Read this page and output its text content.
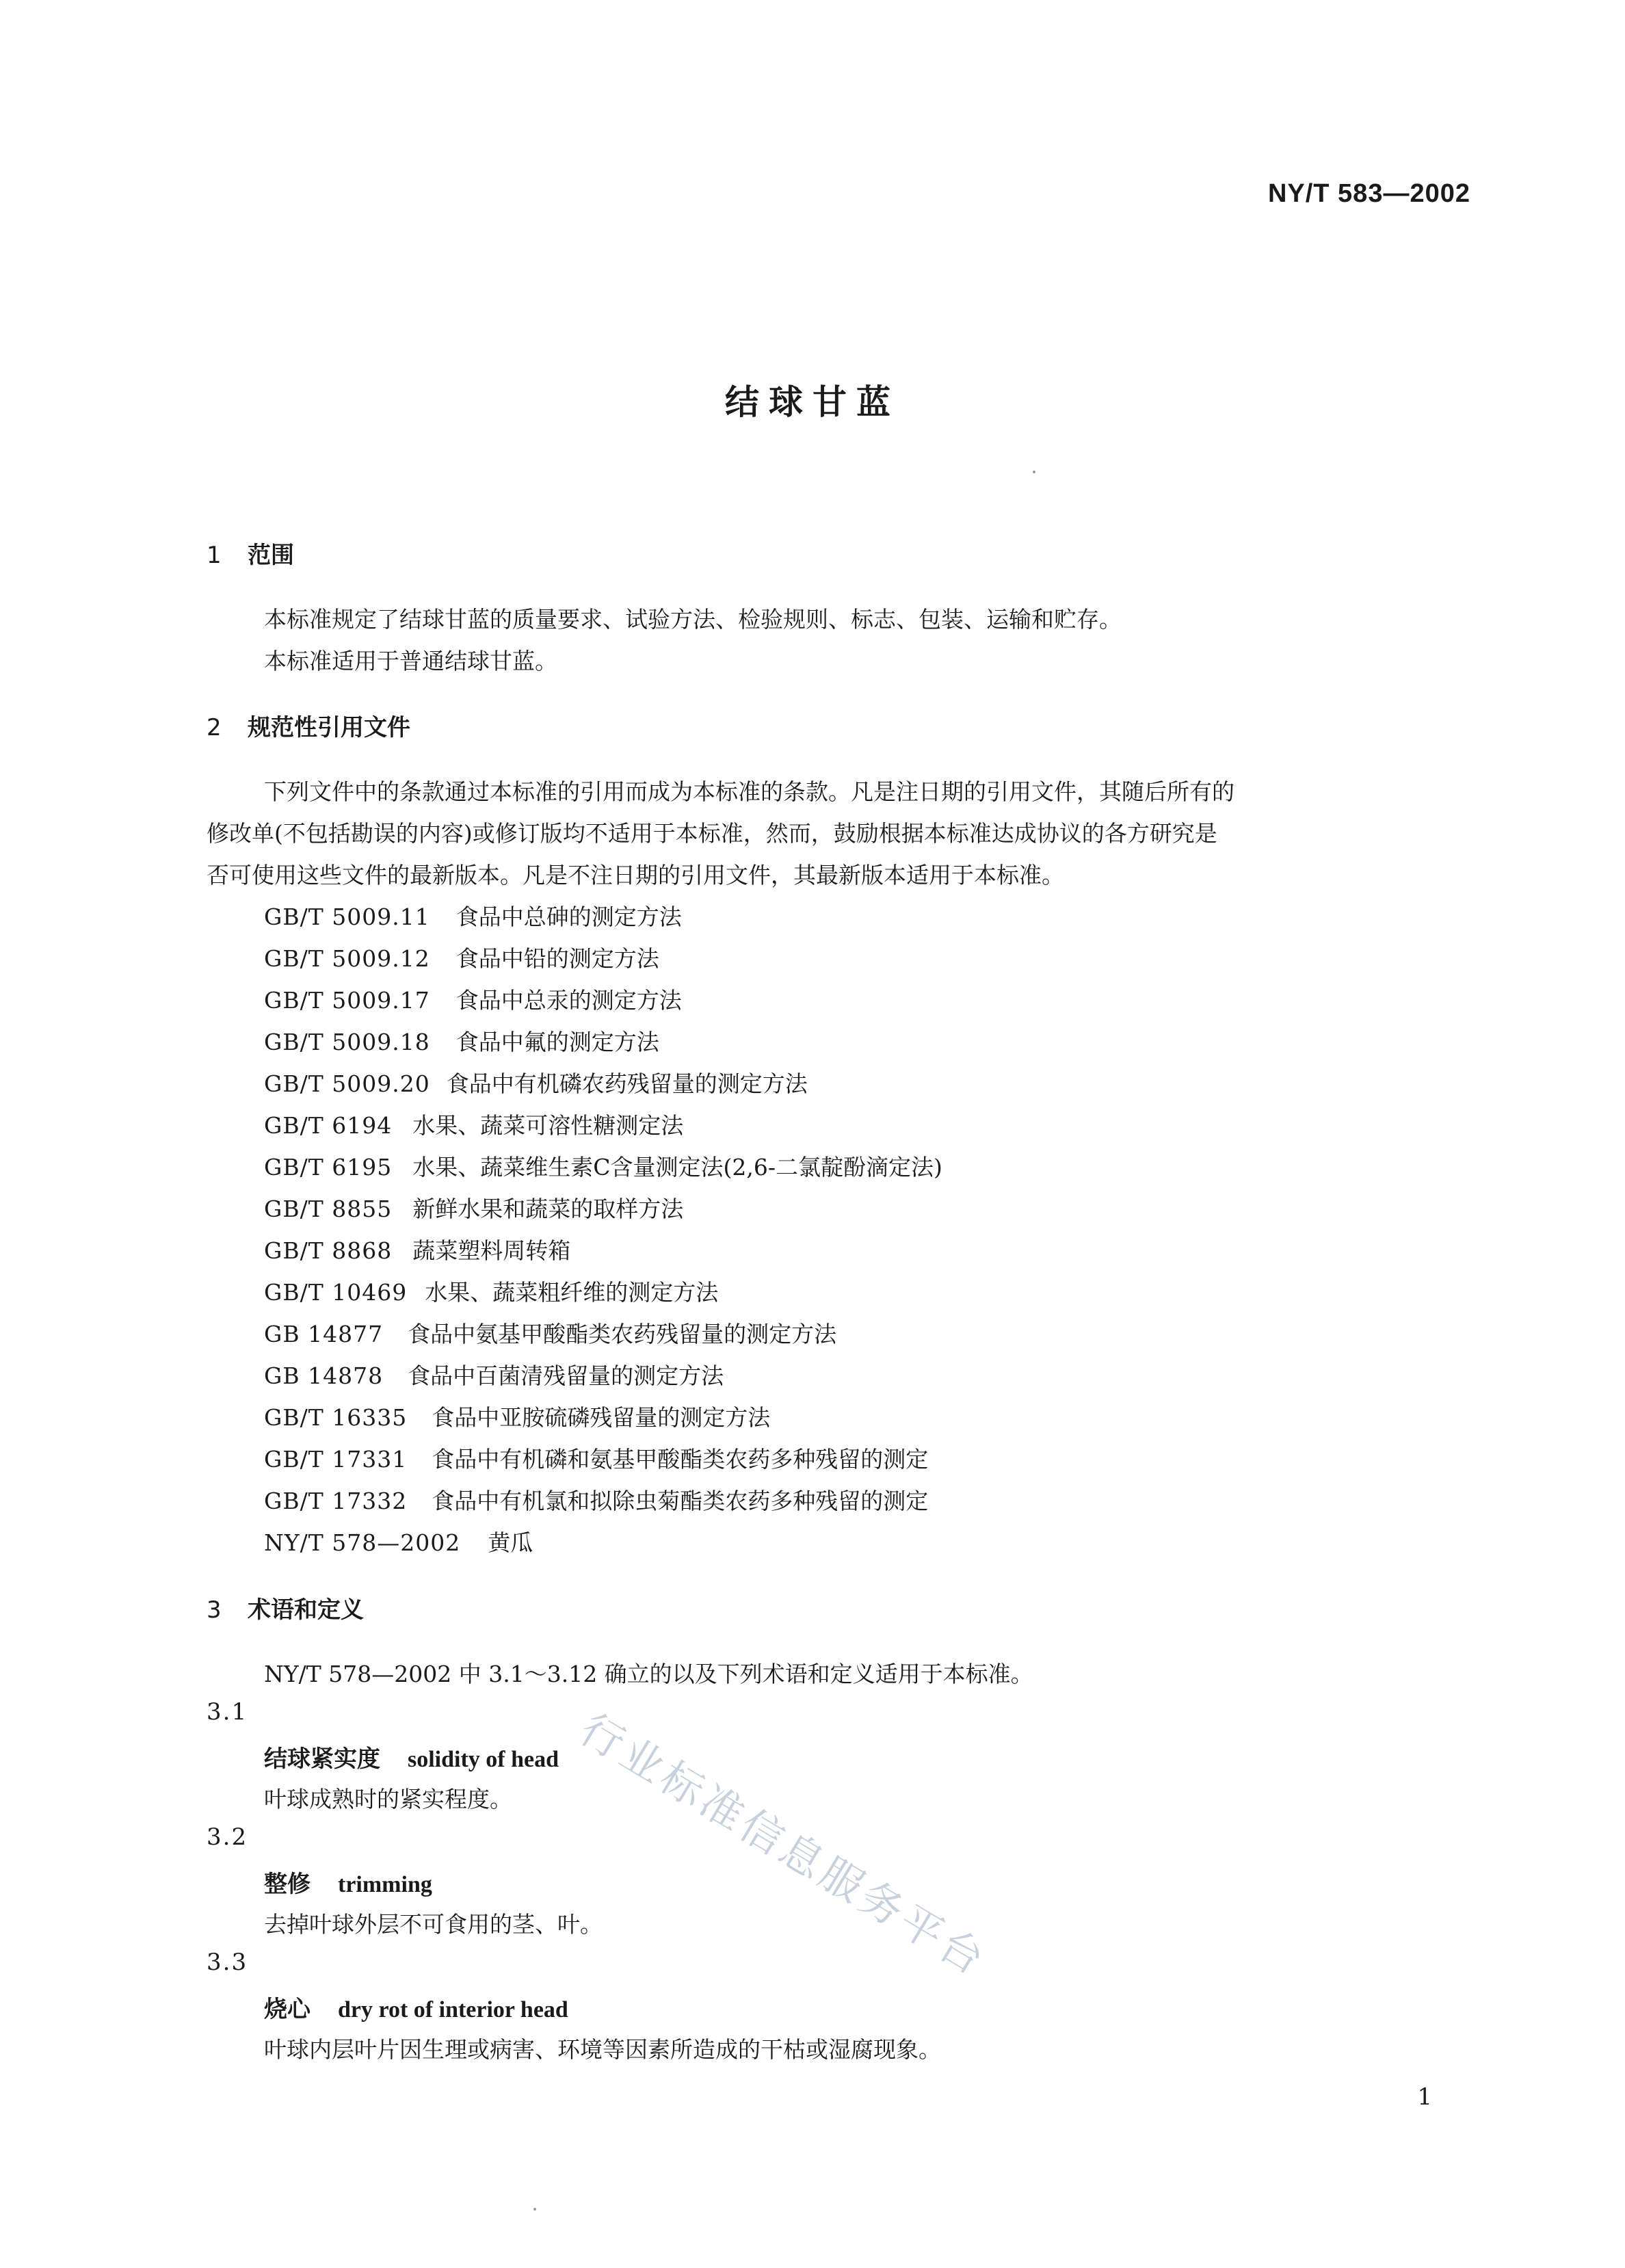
NY/T 583—2002
结球甘蓝
1 范围
本标准规定了结球甘蓝的质量要求、试验方法、检验规则、标志、包装、运输和贮存。
本标准适用于普通结球甘蓝。
2 规范性引用文件
下列文件中的条款通过本标准的引用而成为本标准的条款。凡是注日期的引用文件，其随后所有的
修改单(不包括勘误的内容)或修订版均不适用于本标准，然而，鼓励根据本标准达成协议的各方研究是
否可使用这些文件的最新版本。凡是不注日期的引用文件，其最新版本适用于本标准。
GB/T 5009.11 食品中总砷的测定方法
GB/T 5009.12 食品中铅的测定方法
GB/T 5009.17 食品中总汞的测定方法
GB/T 5009.18 食品中氟的测定方法
GB/T 5009.20 食品中有机磷农药残留量的测定方法
GB/T 6194 水果、蔬菜可溶性糖测定法
GB/T 6195 水果、蔬菜维生素C含量测定法(2,6-二氯靛酚滴定法)
GB/T 8855 新鲜水果和蔬菜的取样方法
GB/T 8868 蔬菜塑料周转箱
GB/T 10469 水果、蔬菜粗纤维的测定方法
GB 14877 食品中氨基甲酸酯类农药残留量的测定方法
GB 14878 食品中百菌清残留量的测定方法
GB/T 16335 食品中亚胺硫磷残留量的测定方法
GB/T 17331 食品中有机磷和氨基甲酸酯类农药多种残留的测定
GB/T 17332 食品中有机氯和拟除虫菊酯类农药多种残留的测定
NY/T 578—2002 黄瓜
3 术语和定义
NY/T 578—2002 中 3.1～3.12 确立的以及下列术语和定义适用于本标准。
3.1
结球紧实度 solidity of head
叶球成熟时的紧实程度。
3.2
整修 trimming
去掉叶球外层不可食用的茎、叶。
3.3
烧心 dry rot of interior head
叶球内层叶片因生理或病害、环境等因素所造成的干枯或湿腐现象。
1
行业标准信息服务平台
